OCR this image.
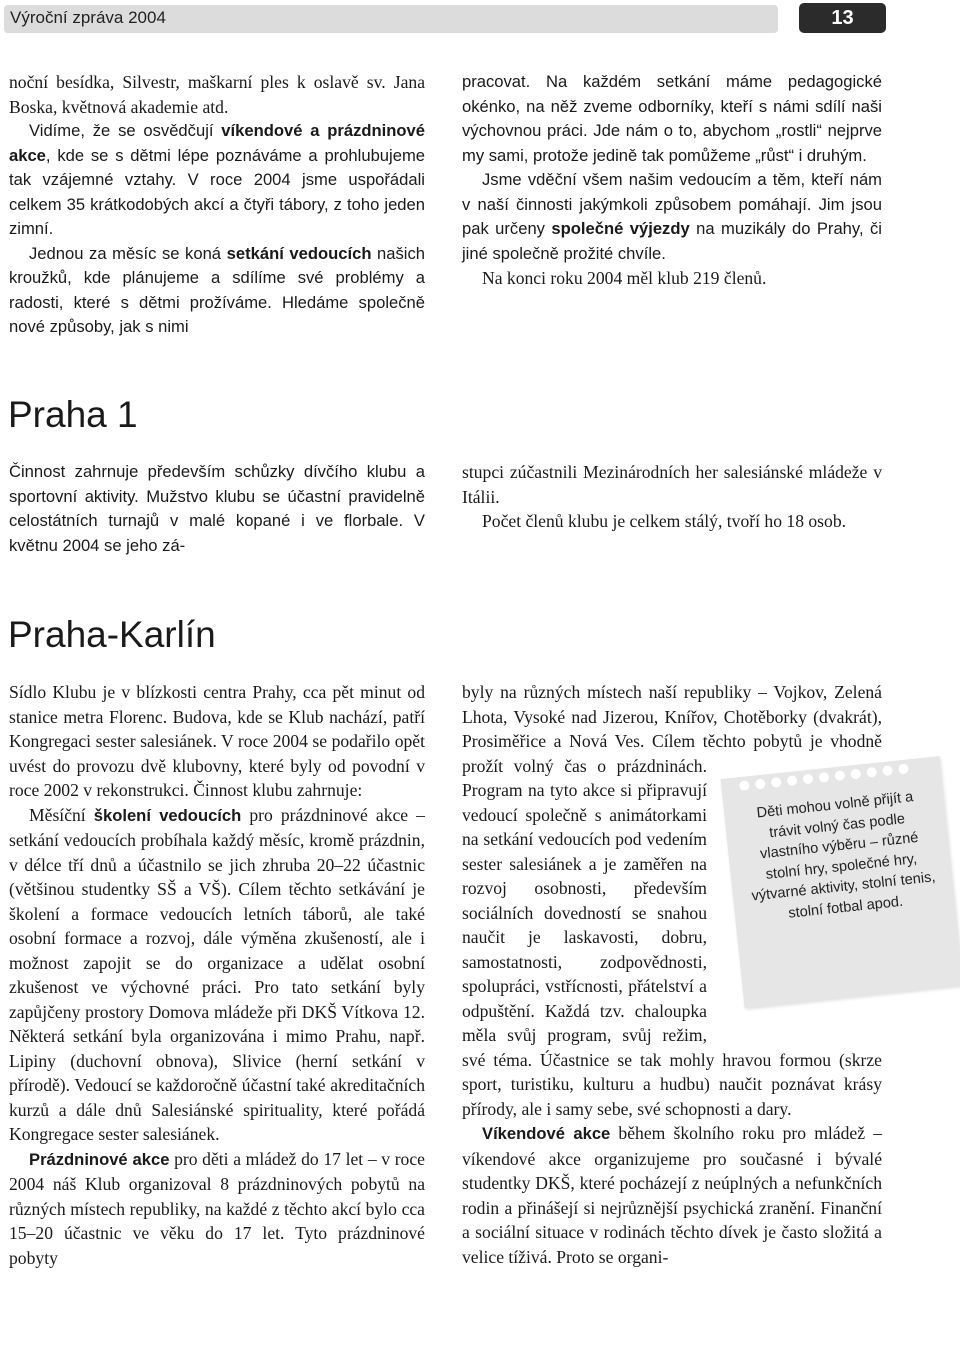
Výroční zpráva 2004	13

noční besídka, Silvestr, maškarní ples k oslavě sv. Jana Boska, květnová akademie atd.

Vidíme, že se osvědčují víkendové a prázdninové akce, kde se s dětmi lépe poznáváme a prohlubujeme tak vzájemné vztahy. V roce 2004 jsme uspořádali celkem 35 krátkodobých akcí a čtyři tábory, z toho jeden zimní.

Jednou za měsíc se koná setkání vedoucích našich kroužků, kde plánujeme a sdílíme své problémy a radosti, které s dětmi prožíváme. Hledáme společně nové způsoby, jak s nimi

pracovat. Na každém setkání máme pedagogické okénko, na něž zveme odborníky, kteří s námi sdílí naši výchovnou práci. Jde nám o to, abychom „rostli“ nejprve my sami, protože jedině tak pomůžeme „růst“ i druhým.

Jsme vděční všem našim vedoucím a těm, kteří nám v naší činnosti jakýmkoli způsobem pomáhají. Jim jsou pak určeny společné výjezdy na muzikály do Prahy, či jiné společně prožité chvíle.

Na konci roku 2004 měl klub 219 členů.

Praha 1

Činnost zahrnuje především schůzky dívčího klubu a sportovní aktivity. Mužstvo klubu se účastní pravidelně celostátních turnajů v malé kopané i ve florbale. V květnu 2004 se jeho zá-

stupci zúčastnili Mezinárodních her salesiánské mládeže v Itálii.

Počet členů klubu je celkem stálý, tvoří ho 18 osob.

Praha-Karlín

Sídlo Klubu je v blízkosti centra Prahy, cca pět minut od stanice metra Florenc. Budova, kde se Klub nachází, patří Kongregaci sester salesiánek. V roce 2004 se podařilo opět uvést do provozu dvě klubovny, které byly od povodní v roce 2002 v rekonstrukci. Činnost klubu zahrnuje:

Měsíční školení vedoucích pro prázdninové akce – setkání vedoucích probíhala každý měsíc, kromě prázdnin, v délce tří dnů a účastnilo se jich zhruba 20–22 účastnic (většinou studentky SŠ a VŠ). Cílem těchto setkávání je školení a formace vedoucích letních táborů, ale také osobní formace a rozvoj, dále výměna zkušeností, ale i možnost zapojit se do organizace a udělat osobní zkušenost ve výchovné práci. Pro tato setkání byly zapůjčeny prostory Domova mládeže při DKŠ Vítkova 12. Některá setkání byla organizována i mimo Prahu, např. Lipiny (duchovní obnova), Slivice (herní setkání v přírodě). Vedoucí se každoročně účastní také akreditačních kurzů a dále dnů Salesiánské spirituality, které pořádá Kongregace sester salesiánek.

Prázdninové akce pro děti a mládež do 17 let – v roce 2004 náš Klub organizoval 8 prázdninových pobytů na různých místech republiky, na každé z těchto akcí bylo cca 15–20 účastnic ve věku do 17 let. Tyto prázdninové pobyty

byly na různých místech naší republiky – Vojkov, Zelená Lhota, Vysoké nad Jizerou, Knířov, Chotěborky (dvakrát), Prosiměřice a Nová Ves. Cílem těchto pobytů je vhodně prožít volný čas o prázdninách. Program na tyto akce si připravují vedoucí společně s animátorkami na setkání vedoucích pod vedením sester salesiánek a je zaměřen na rozvoj osobnosti, především sociálních dovedností se snahou naučit je laskavosti, dobru, samostatnosti, zodpovědnosti, spolupráci, vstřícnosti, přátelství a odpuštění. Každá tzv. chaloupka měla svůj program, svůj režim, své téma. Účastnice se tak mohly hravou formou (skrze sport, turistiku, kulturu a hudbu) naučit poznávat krásy přírody, ale i samy sebe, své schopnosti a dary.

Víkendové akce během školního roku pro mládež – víkendové akce organizujeme pro současné i bývalé studentky DKŠ, které pocházejí z neúplných a nefunkčních rodin a přinášejí si nejrůznější psychická zranění. Finanční a sociální situace v rodinách těchto dívek je často složitá a velice tíživá. Proto se organi-

Děti mohou volně přijít a trávit volný čas podle vlastního výběru – různé stolní hry, společné hry, výtvarné aktivity, stolní tenis, stolní fotbal apod.
